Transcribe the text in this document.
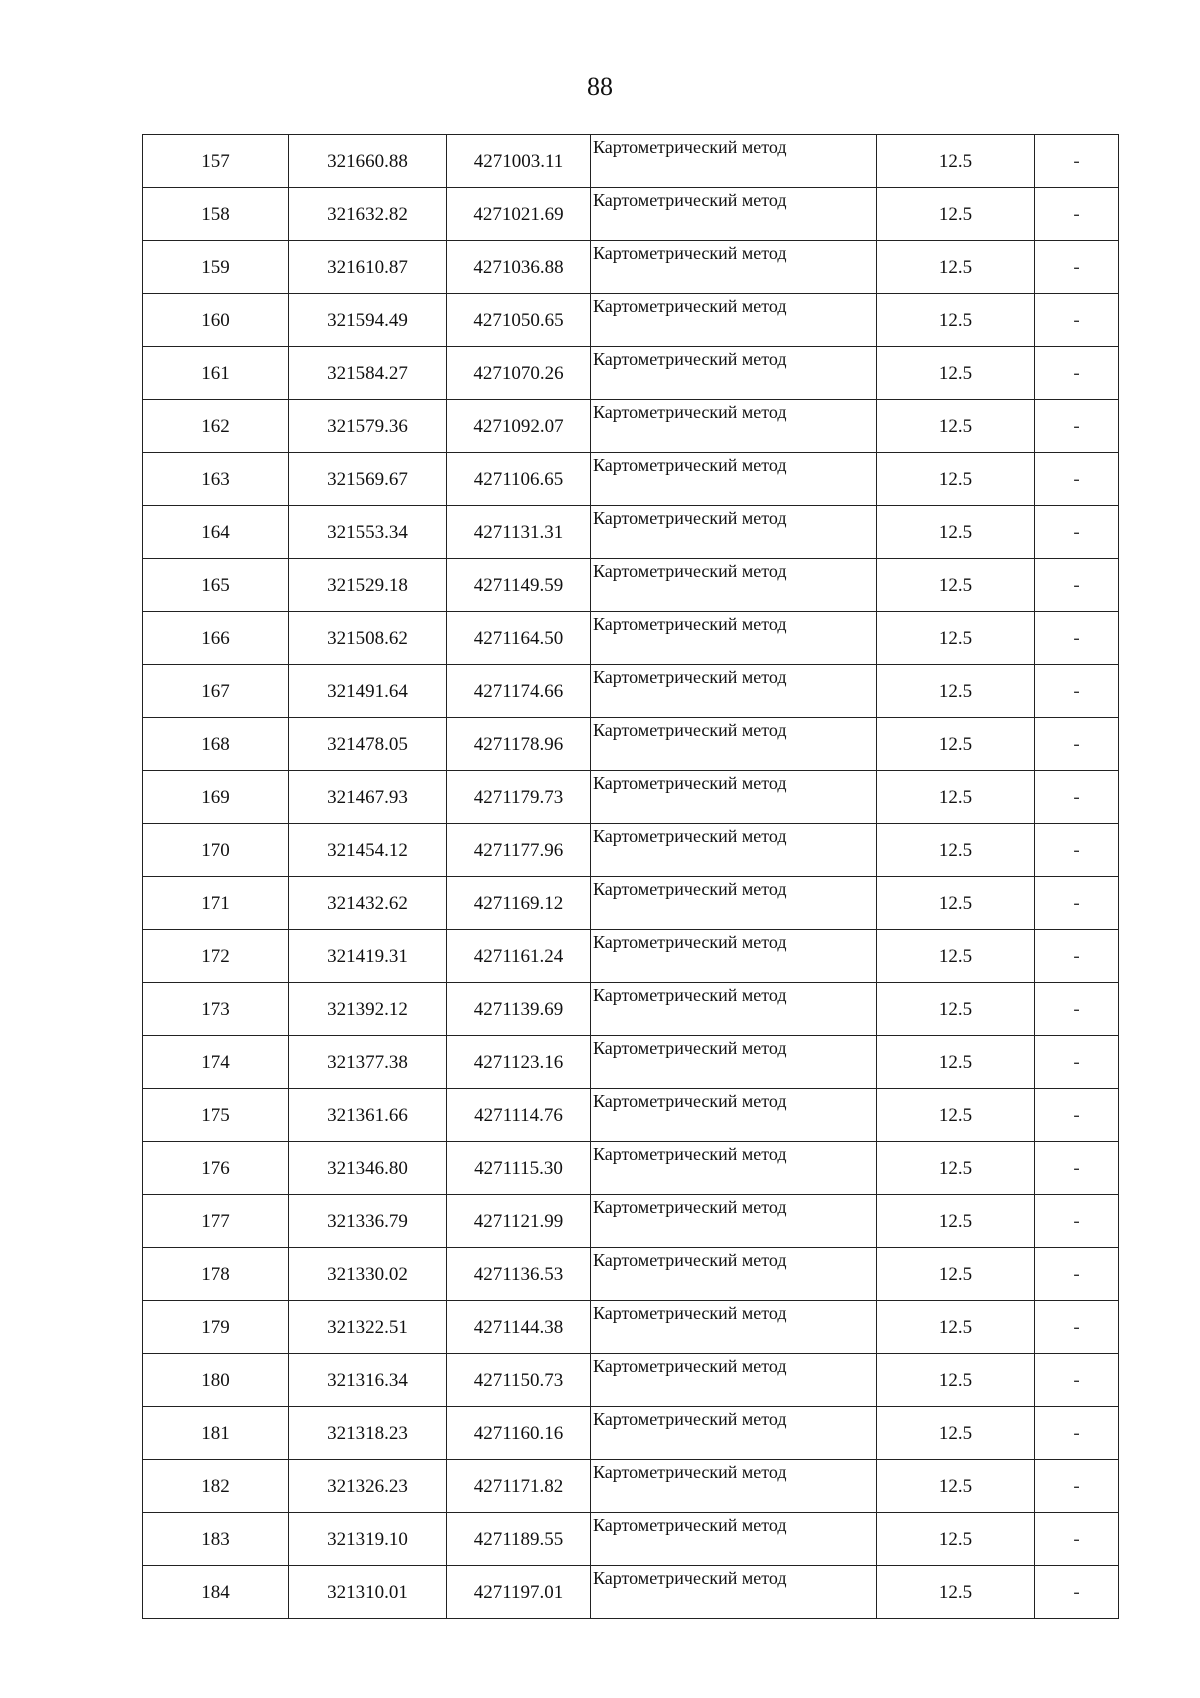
88
157	321660.88	4271003.11	Картометрический метод	12.5	-
158	321632.82	4271021.69	Картометрический метод	12.5	-
159	321610.87	4271036.88	Картометрический метод	12.5	-
160	321594.49	4271050.65	Картометрический метод	12.5	-
161	321584.27	4271070.26	Картометрический метод	12.5	-
162	321579.36	4271092.07	Картометрический метод	12.5	-
163	321569.67	4271106.65	Картометрический метод	12.5	-
164	321553.34	4271131.31	Картометрический метод	12.5	-
165	321529.18	4271149.59	Картометрический метод	12.5	-
166	321508.62	4271164.50	Картометрический метод	12.5	-
167	321491.64	4271174.66	Картометрический метод	12.5	-
168	321478.05	4271178.96	Картометрический метод	12.5	-
169	321467.93	4271179.73	Картометрический метод	12.5	-
170	321454.12	4271177.96	Картометрический метод	12.5	-
171	321432.62	4271169.12	Картометрический метод	12.5	-
172	321419.31	4271161.24	Картометрический метод	12.5	-
173	321392.12	4271139.69	Картометрический метод	12.5	-
174	321377.38	4271123.16	Картометрический метод	12.5	-
175	321361.66	4271114.76	Картометрический метод	12.5	-
176	321346.80	4271115.30	Картометрический метод	12.5	-
177	321336.79	4271121.99	Картометрический метод	12.5	-
178	321330.02	4271136.53	Картометрический метод	12.5	-
179	321322.51	4271144.38	Картометрический метод	12.5	-
180	321316.34	4271150.73	Картометрический метод	12.5	-
181	321318.23	4271160.16	Картометрический метод	12.5	-
182	321326.23	4271171.82	Картометрический метод	12.5	-
183	321319.10	4271189.55	Картометрический метод	12.5	-
184	321310.01	4271197.01	Картометрический метод	12.5	-
